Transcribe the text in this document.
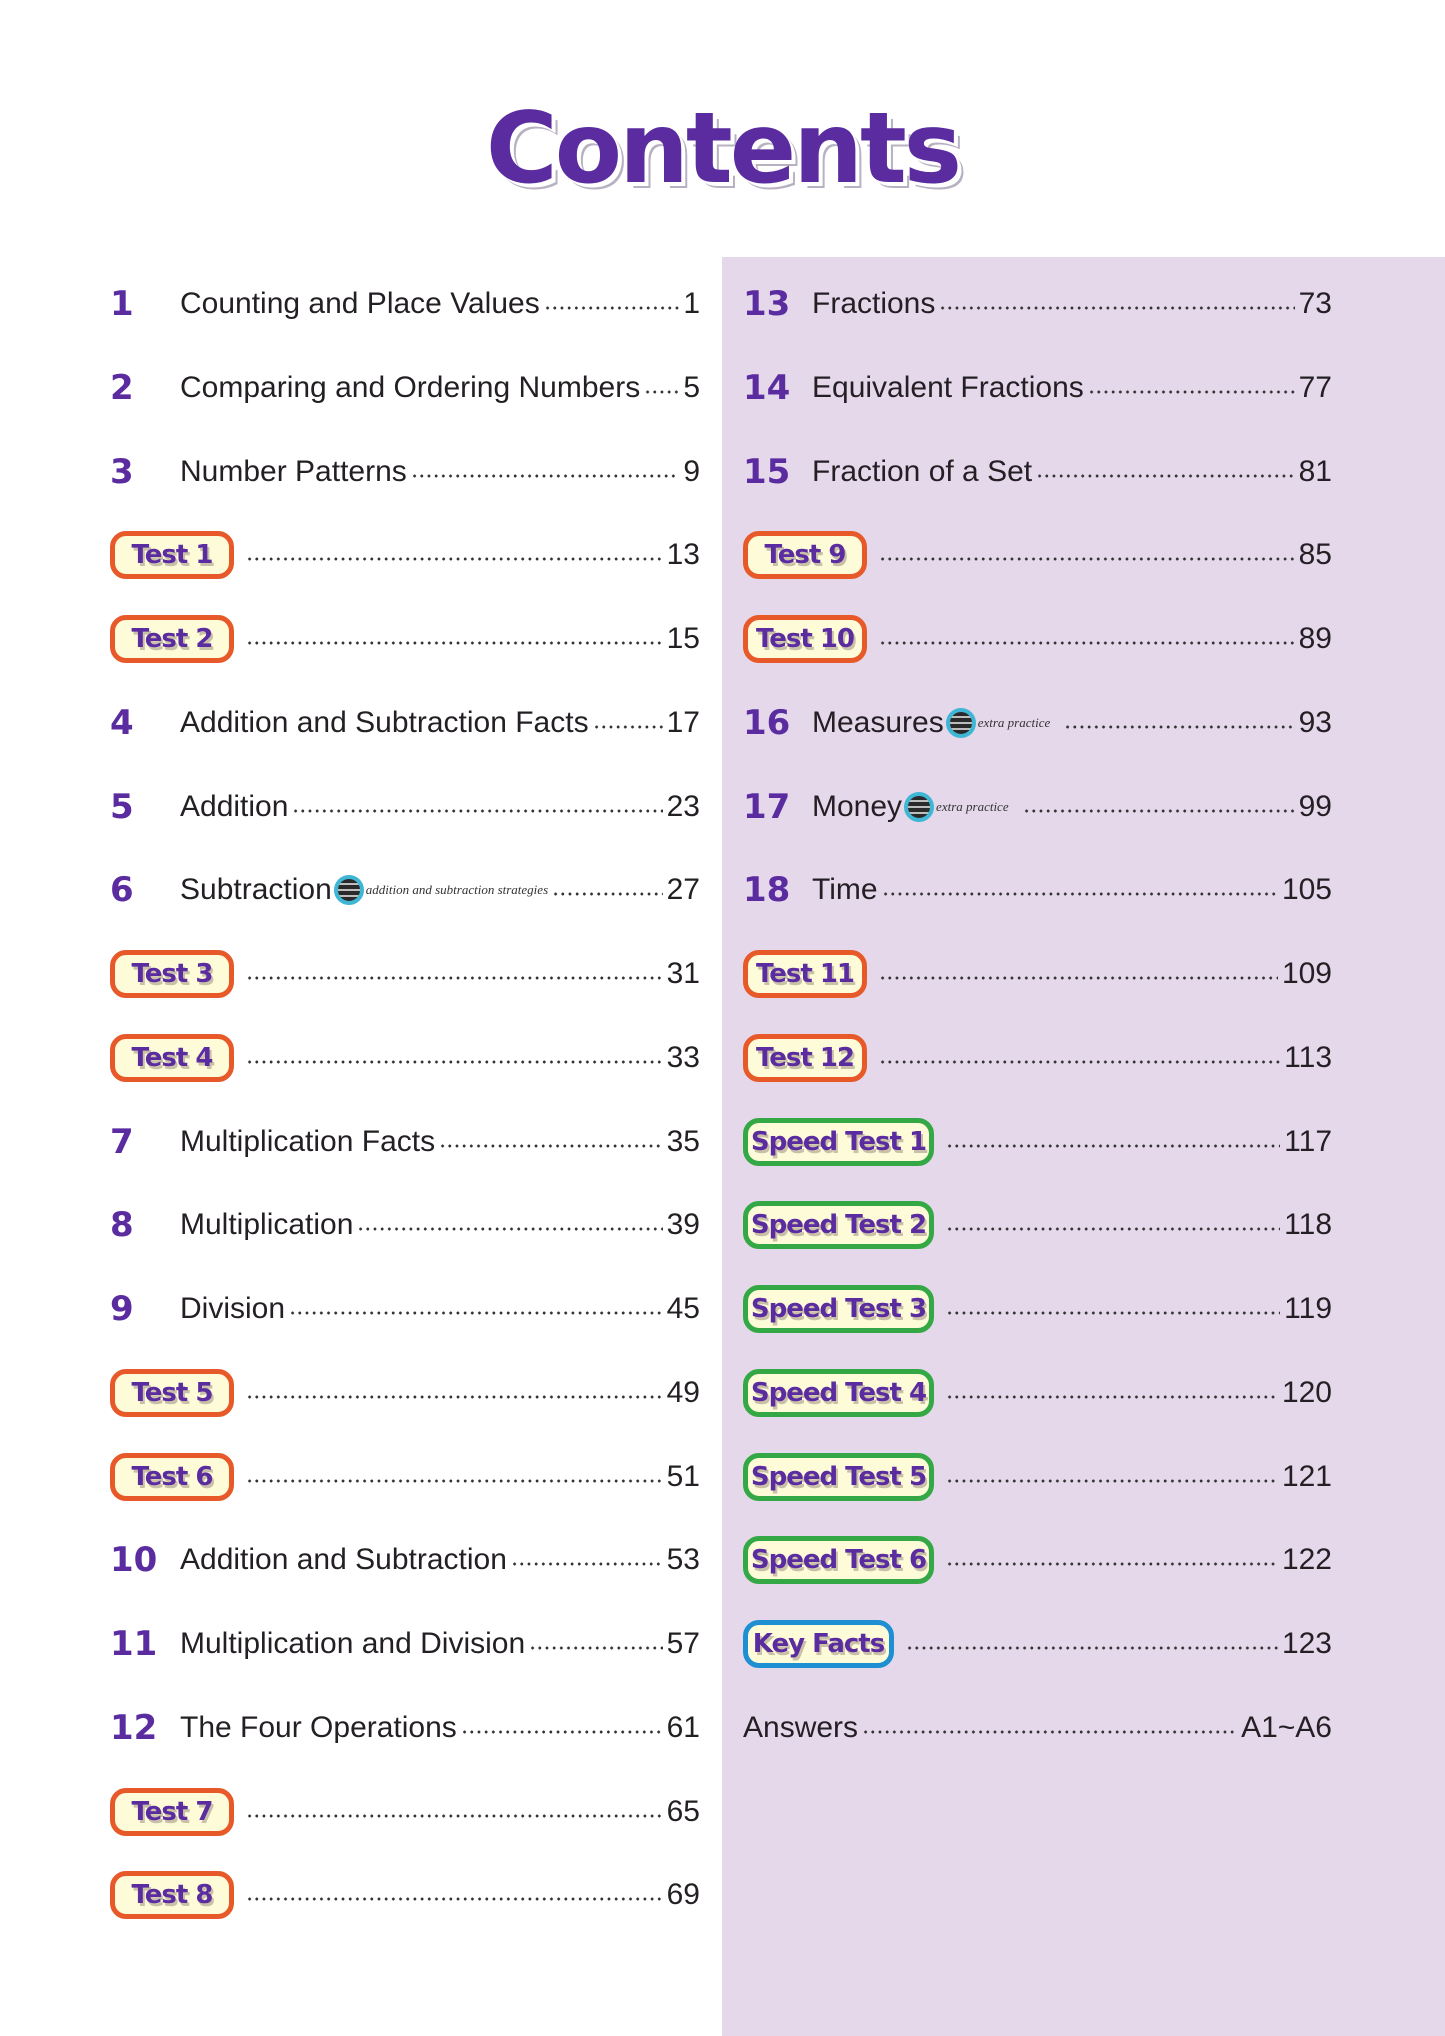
Contents
1	Counting and Place Values	1
2	Comparing and Ordering Numbers 5
3	Number Patterns	9
Test 1	13
Test 2	15
4	Addition and Subtraction Facts	17
5	Addition	23
6	Subtraction	addition and subtraction strategies	27
Test 3	31
Test 4	33
7	Multiplication Facts	35
8	Multiplication	39
9	Division	45
Test 5	49
Test 6	51
10 Addition and Subtraction	53
11 Multiplication and Division	57
12 The Four Operations	61
Test 7	65
Test 8	69
13 Fractions	73
14 Equivalent Fractions	77
15 Fraction of a Set	81
Test 9	85
Test 10	89
16 Measures	extra practice	93
17 Money	extra practice	99
18 Time	105
Test 11	109
Test 12	113
Speed Test 1	117
Speed Test 2	118
Speed Test 3	119
Speed Test 4	120
Speed Test 5	121
Speed Test 6	122
Key Facts	123
Answers	A1~A6
